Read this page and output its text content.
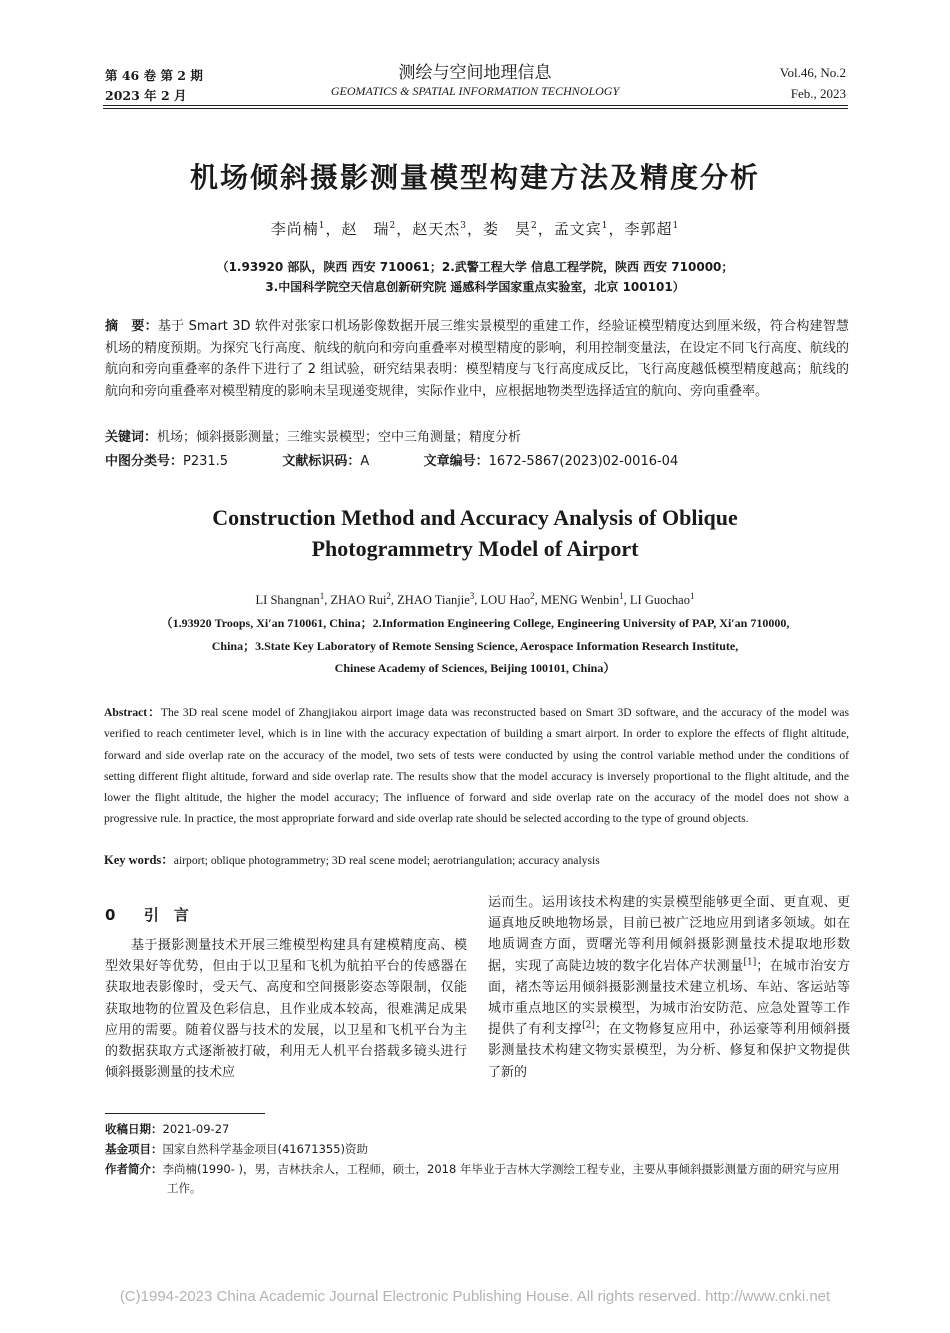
第 46 卷 第 2 期
2023 年 2 月
测绘与空间地理信息
GEOMATICS & SPATIAL INFORMATION TECHNOLOGY
Vol.46, No.2
Feb., 2023
机场倾斜摄影测量模型构建方法及精度分析
李尚楠$^1$，赵　瑞$^2$，赵天杰$^3$，娄　昊$^2$，孟文宾$^1$，李郭超$^1$
（1.93920 部队，陕西 西安 710061；2.武警工程大学 信息工程学院，陕西 西安 710000；
3.中国科学院空天信息创新研究院 遥感科学国家重点实验室，北京 100101）
摘　要：基于 Smart 3D 软件对张家口机场影像数据开展三维实景模型的重建工作，经验证模型精度达到厘米级，符合构建智慧机场的精度预期。为探究飞行高度、航线的航向和旁向重叠率对模型精度的影响，利用控制变量法，在设定不同飞行高度、航线的航向和旁向重叠率的条件下进行了 2 组试验，研究结果表明：模型精度与飞行高度成反比，飞行高度越低模型精度越高；航线的航向和旁向重叠率对模型精度的影响未呈现递变规律，实际作业中，应根据地物类型选择适宜的航向、旁向重叠率。
关键词：机场；倾斜摄影测量；三维实景模型；空中三角测量；精度分析
中图分类号：P231.5	文献标识码：A	文章编号：1672-5867(2023)02-0016-04
Construction Method and Accuracy Analysis of Oblique
Photogrammetry Model of Airport
LI Shangnan$^1$, ZHAO Rui$^2$, ZHAO Tianjie$^3$, LOU Hao$^2$, MENG Wenbin$^1$, LI Guochao$^1$
（1.93920 Troops, Xi′an 710061, China；2.Information Engineering College, Engineering University of PAP, Xi′an 710000,
China；3.State Key Laboratory of Remote Sensing Science, Aerospace Information Research Institute,
Chinese Academy of Sciences, Beijing 100101, China）
Abstract：The 3D real scene model of Zhangjiakou airport image data was reconstructed based on Smart 3D software, and the accuracy of the model was verified to reach centimeter level, which is in line with the accuracy expectation of building a smart airport. In order to explore the effects of flight altitude, forward and side overlap rate on the accuracy of the model, two sets of tests were conducted by using the control variable method under the conditions of setting different flight altitude, forward and side overlap rate. The results show that the model accuracy is inversely proportional to the flight altitude, and the lower the flight altitude, the higher the model accuracy; The influence of forward and side overlap rate on the accuracy of the model does not show a progressive rule. In practice, the most appropriate forward and side overlap rate should be selected according to the type of ground objects.
Key words：airport; oblique photogrammetry; 3D real scene model; aerotriangulation; accuracy analysis
0 引　言
基于摄影测量技术开展三维模型构建具有建模精度高、模型效果好等优势，但由于以卫星和飞机为航拍平台的传感器在获取地表影像时，受天气、高度和空间摄影姿态等限制，仅能获取地物的位置及色彩信息，且作业成本较高，很难满足成果应用的需要。随着仪器与技术的发展，以卫星和飞机平台为主的数据获取方式逐渐被打破，利用无人机平台搭载多镜头进行倾斜摄影测量的技术应
运而生。运用该技术构建的实景模型能够更全面、更直观、更逼真地反映地物场景，目前已被广泛地应用到诸多领域。如在地质调查方面，贾曙光等利用倾斜摄影测量技术提取地形数据，实现了高陡边坡的数字化岩体产状测量[1]；在城市治安方面，褚杰等运用倾斜摄影测量技术建立机场、车站、客运站等城市重点地区的实景模型，为城市治安防范、应急处置等工作提供了有利支撑[2]；在文物修复应用中，孙运豪等利用倾斜摄影测量技术构建文物实景模型，为分析、修复和保护文物提供了新的
收稿日期：2021-09-27
基金项目：国家自然科学基金项目(41671355)资助
作者简介：李尚楠(1990- )，男，吉林扶余人，工程师，硕士，2018 年毕业于吉林大学测绘工程专业，主要从事倾斜摄影测量方面的研究与应用工作。
(C)1994-2023 China Academic Journal Electronic Publishing House. All rights reserved. http://www.cnki.net
